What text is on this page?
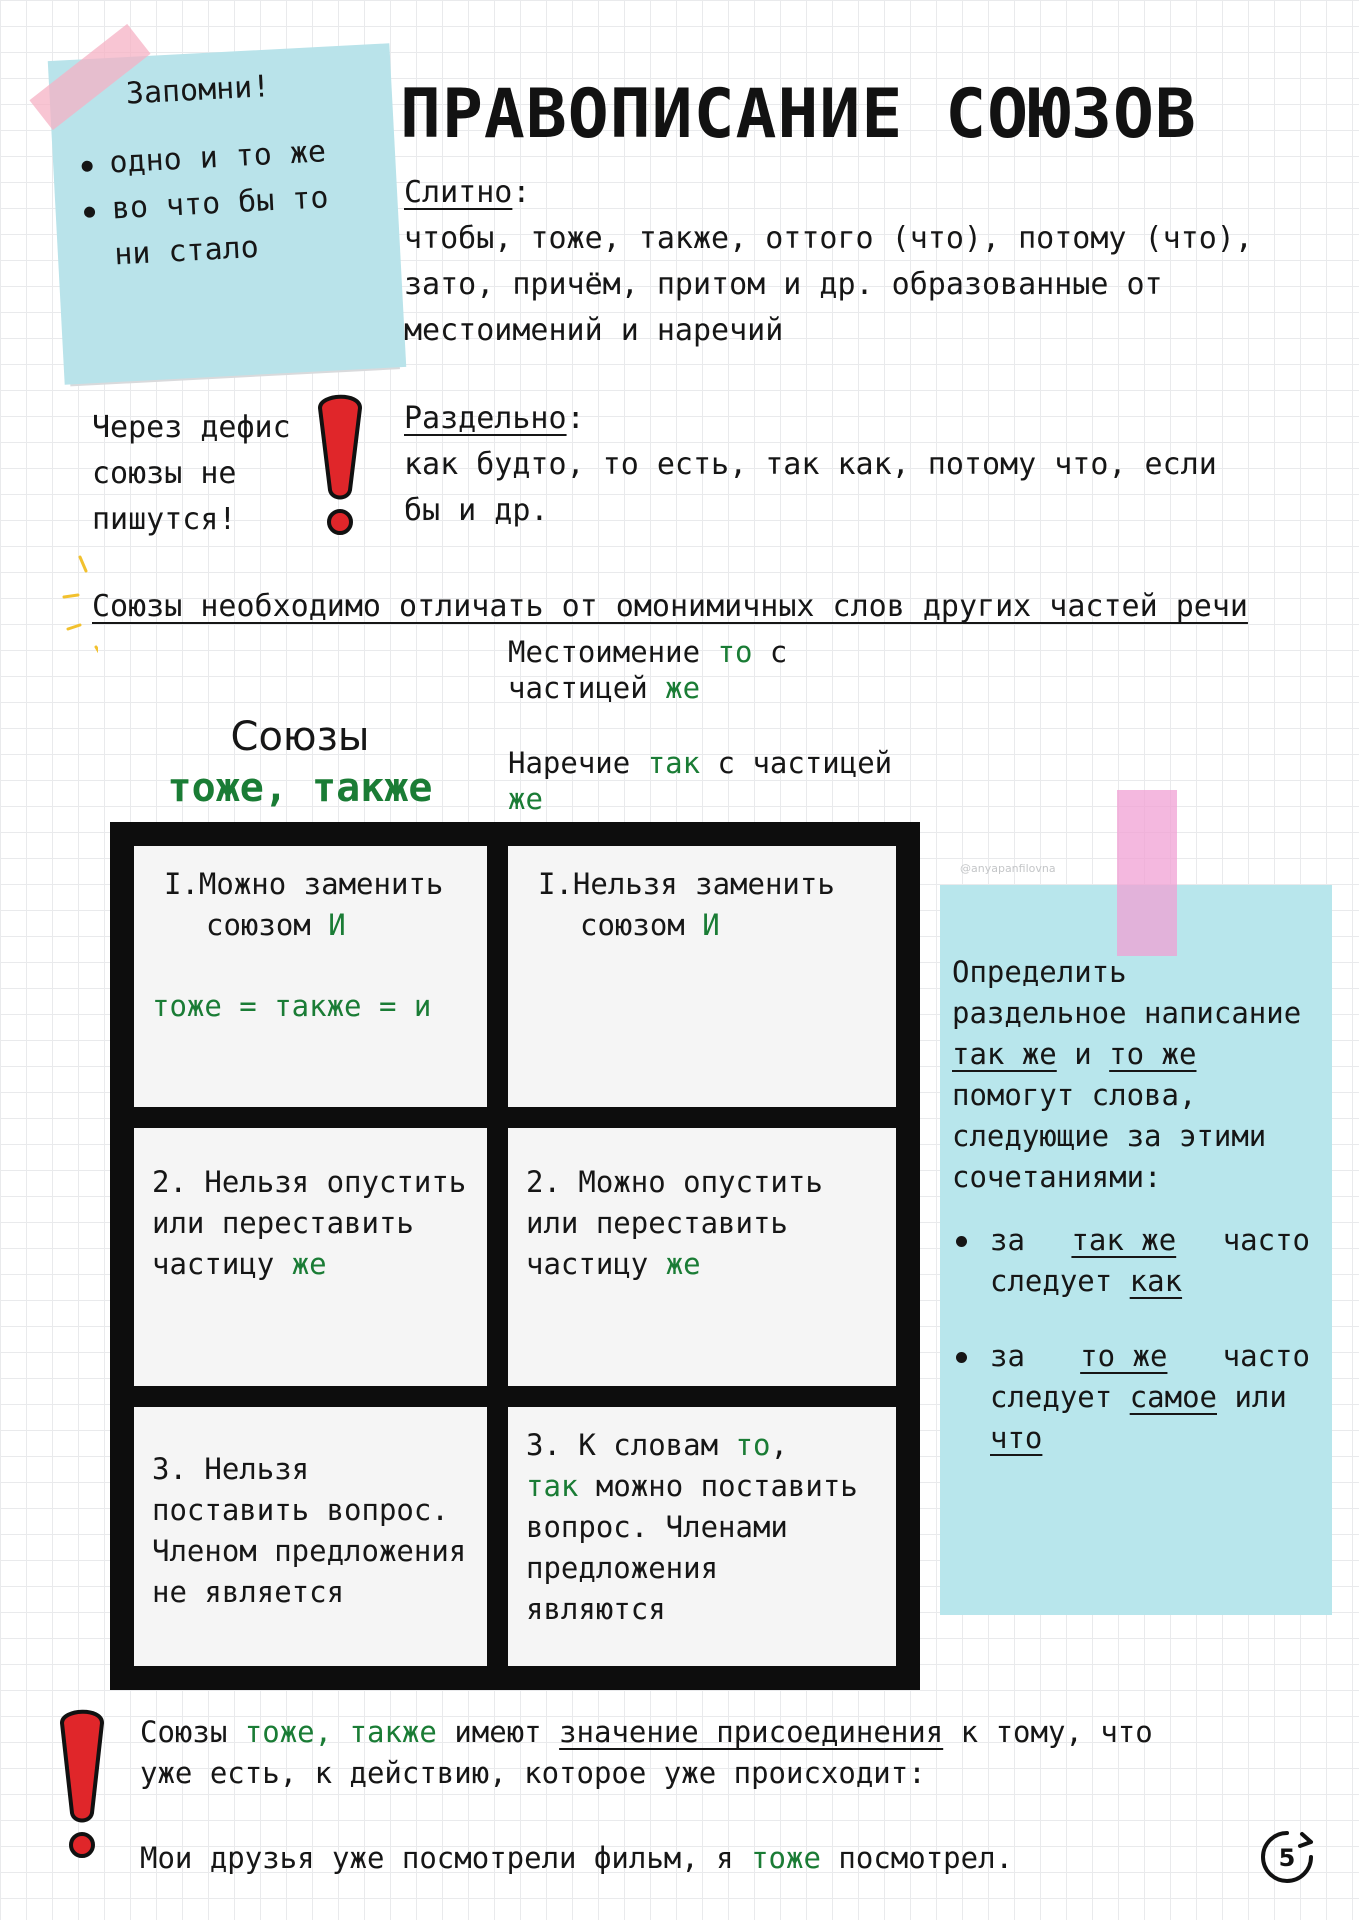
Запомни!
одно и то же
во что бы то
ни стало
ПРАВОПИСАНИЕ СОЮЗОВ
Слитно:
чтобы, тоже, также, оттого (что), потому (что),
зато, причём, притом и др. образованные от
местоимений и наречий
Через дефис
союзы не
пишутся!
Раздельно:
как будто, то есть, так как, потому что, если
бы и др.
Союзы необходимо отличать от омонимичных слов других частей речи
Союзы
тоже, также
Местоимение то с
частицей же
Наречие так с частицей
же
I.Можно заменить
союзом И
тоже = также = и
I.Нельзя заменить
союзом И
2. Нельзя опустить
или переставить
частицу же
2. Можно опустить
или переставить
частицу же
3. Нельзя
поставить вопрос.
Членом предложения
не является
3. К словам то,
так можно поставить
вопрос. Членами
предложения
являются
@anyapanfilovna
Определить
раздельное написание
так же и то же
помогут слова,
следующие за этими
сочетаниями:
за так же часто
следует как
за то же часто
следует самое или
что
Союзы тоже, также имеют значение присоединения к тому, что
уже есть, к действию, которое уже происходит:
Мои друзья уже посмотрели фильм, я тоже посмотрел.	5
